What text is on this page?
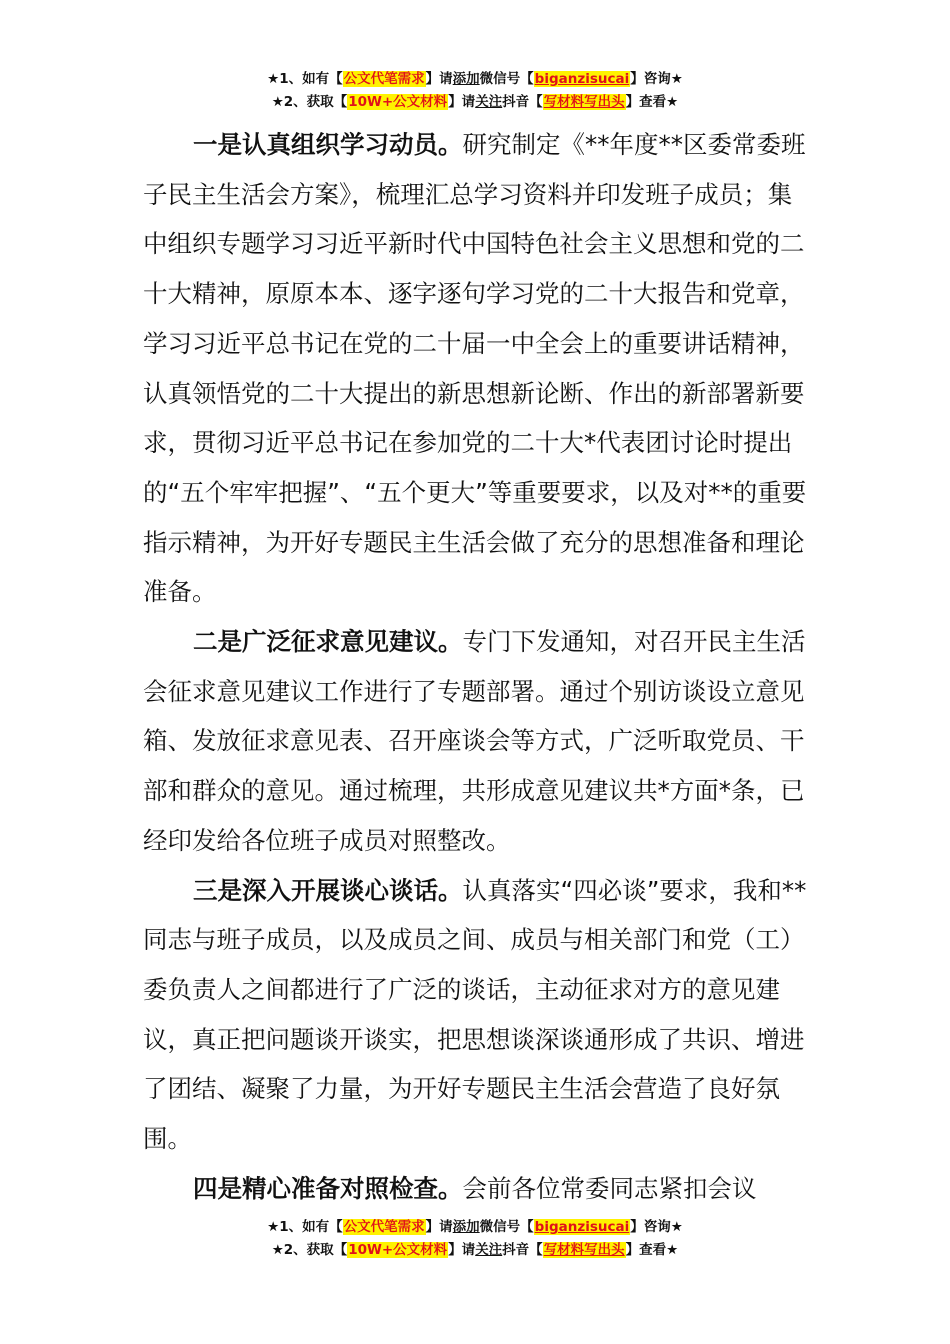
★1、如有【公文代笔需求】请添加微信号【biganzisucai】咨询★
★2、获取【10W+公文材料】请关注抖音【写材料写出头】查看★

一是认真组织学习动员。研究制定《**年度**区委常委班子民主生活会方案》，梳理汇总学习资料并印发班子成员；集中组织专题学习习近平新时代中国特色社会主义思想和党的二十大精神，原原本本、逐字逐句学习党的二十大报告和党章，学习习近平总书记在党的二十届一中全会上的重要讲话精神，认真领悟党的二十大提出的新思想新论断、作出的新部署新要求，贯彻习近平总书记在参加党的二十大*代表团讨论时提出的“五个牢牢把握”、“五个更大”等重要要求，以及对**的重要指示精神，为开好专题民主生活会做了充分的思想准备和理论准备。

二是广泛征求意见建议。专门下发通知，对召开民主生活会征求意见建议工作进行了专题部署。通过个别访谈设立意见箱、发放征求意见表、召开座谈会等方式，广泛听取党员、干部和群众的意见。通过梳理，共形成意见建议共*方面*条，已经印发给各位班子成员对照整改。

三是深入开展谈心谈话。认真落实“四必谈”要求，我和**同志与班子成员，以及成员之间、成员与相关部门和党（工）委负责人之间都进行了广泛的谈话，主动征求对方的意见建议，真正把问题谈开谈实，把思想谈深谈通形成了共识、增进了团结、凝聚了力量，为开好专题民主生活会营造了良好氛围。

四是精心准备对照检查。会前各位常委同志紧扣会议

★1、如有【公文代笔需求】请添加微信号【biganzisucai】咨询★
★2、获取【10W+公文材料】请关注抖音【写材料写出头】查看★
